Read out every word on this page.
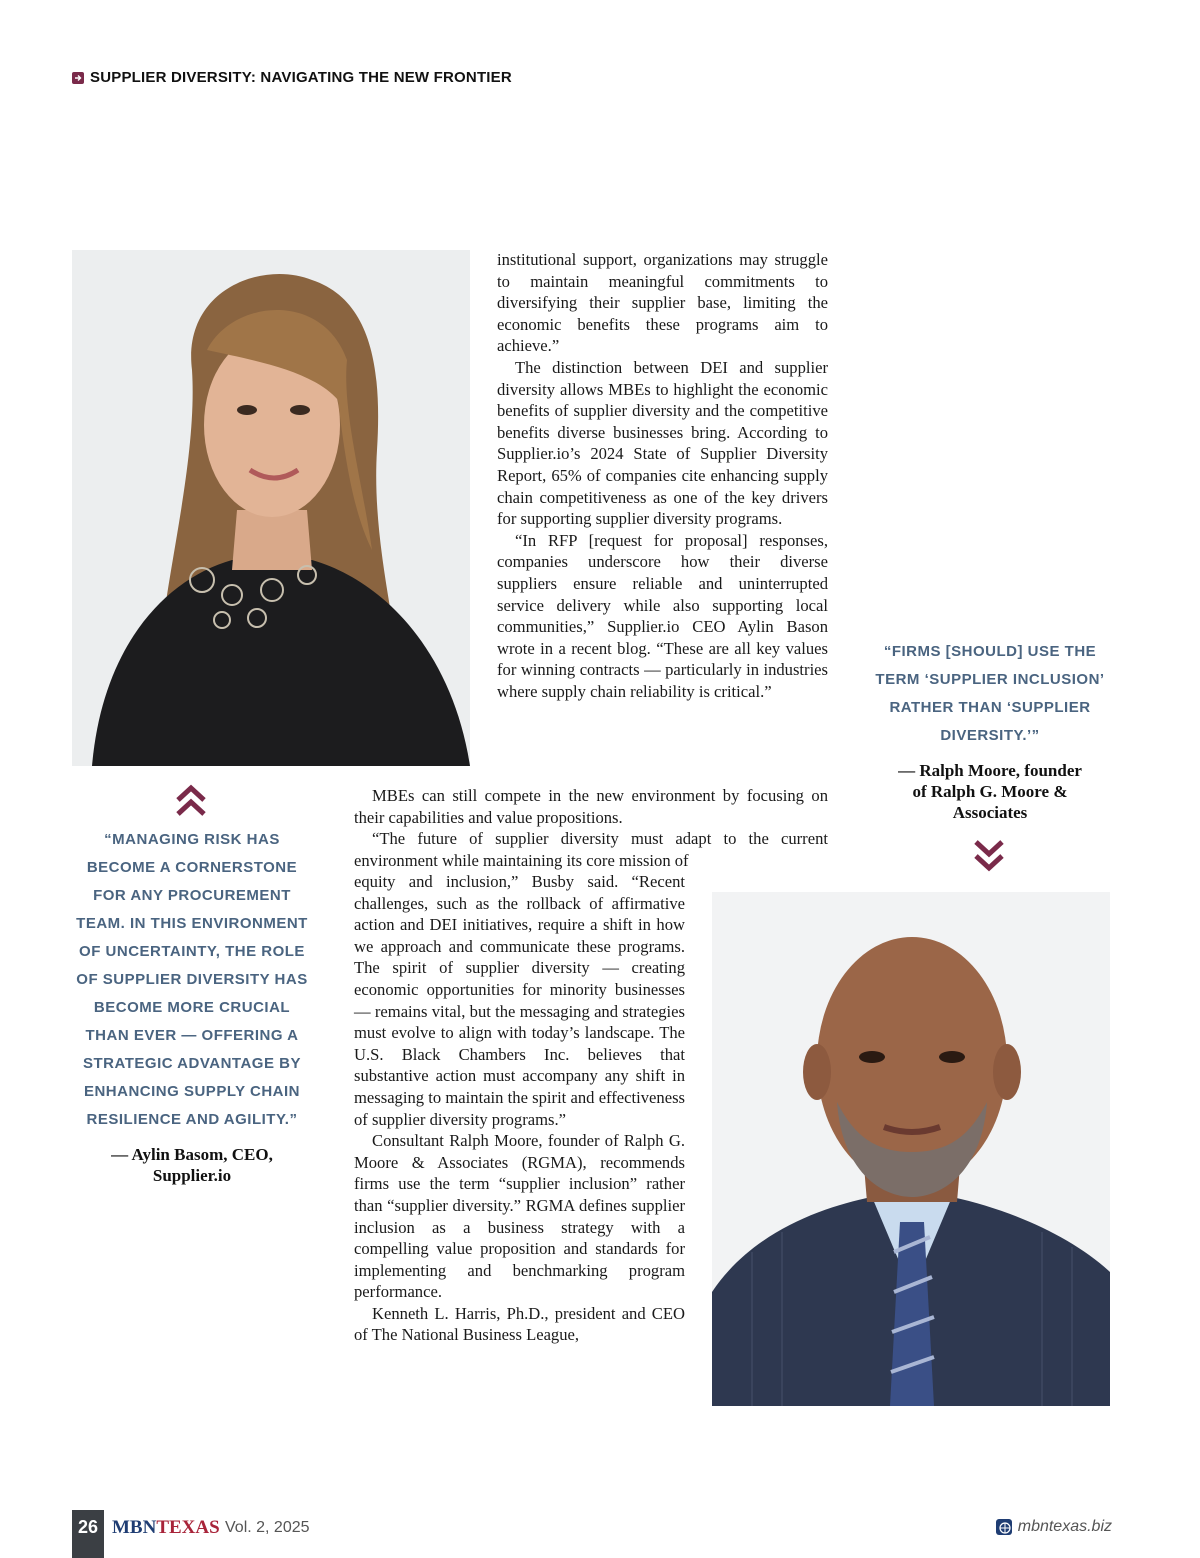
SUPPLIER DIVERSITY: NAVIGATING THE NEW FRONTIER

institutional support, organizations may struggle to maintain meaningful commitments to diversifying their supplier base, limiting the economic benefits these programs aim to achieve.”

The distinction between DEI and supplier diversity allows MBEs to highlight the economic benefits of supplier diversity and the competitive benefits diverse businesses bring. According to Supplier.io’s 2024 State of Supplier Diversity Report, 65% of companies cite enhancing supply chain competitiveness as one of the key drivers for supporting supplier diversity programs.

“In RFP [request for proposal] responses, companies underscore how their diverse suppliers ensure reliable and uninterrupted service delivery while also supporting local communities,” Supplier.io CEO Aylin Bason wrote in a recent blog. “These are all key values for winning contracts — particularly in industries where supply chain reliability is critical.”

MBEs can still compete in the new environment by focusing on their capabilities and value propositions.

“The future of supplier diversity must adapt to the current environment while maintaining its core mission of

equity and inclusion,” Busby said. “Recent challenges, such as the rollback of affirmative action and DEI initiatives, require a shift in how we approach and communicate these programs. The spirit of supplier diversity — creating economic opportunities for minority businesses — remains vital, but the messaging and strategies must evolve to align with today’s landscape. The U.S. Black Chambers Inc. believes that substantive action must accompany any shift in messaging to maintain the spirit and effectiveness of supplier diversity programs.”

Consultant Ralph Moore, founder of Ralph G. Moore & Associates (RGMA), recommends firms use the term “supplier inclusion” rather than “supplier diversity.” RGMA defines supplier inclusion as a business strategy with a compelling value proposition and standards for implementing and benchmarking program performance.

Kenneth L. Harris, Ph.D., president and CEO of The National Business League,

“MANAGING RISK HAS BECOME A CORNERSTONE FOR ANY PROCUREMENT TEAM. IN THIS ENVIRONMENT OF UNCERTAINTY, THE ROLE OF SUPPLIER DIVERSITY HAS BECOME MORE CRUCIAL THAN EVER — OFFERING A STRATEGIC ADVANTAGE BY ENHANCING SUPPLY CHAIN RESILIENCE AND AGILITY.”
— Aylin Basom, CEO,
Supplier.io
“FIRMS [SHOULD] USE THE TERM ‘SUPPLIER INCLUSION’ RATHER THAN ‘SUPPLIER DIVERSITY.’”
— Ralph Moore, founder
of Ralph G. Moore &
Associates
26 MBNTEXAS Vol. 2, 2025	mbntexas.biz
